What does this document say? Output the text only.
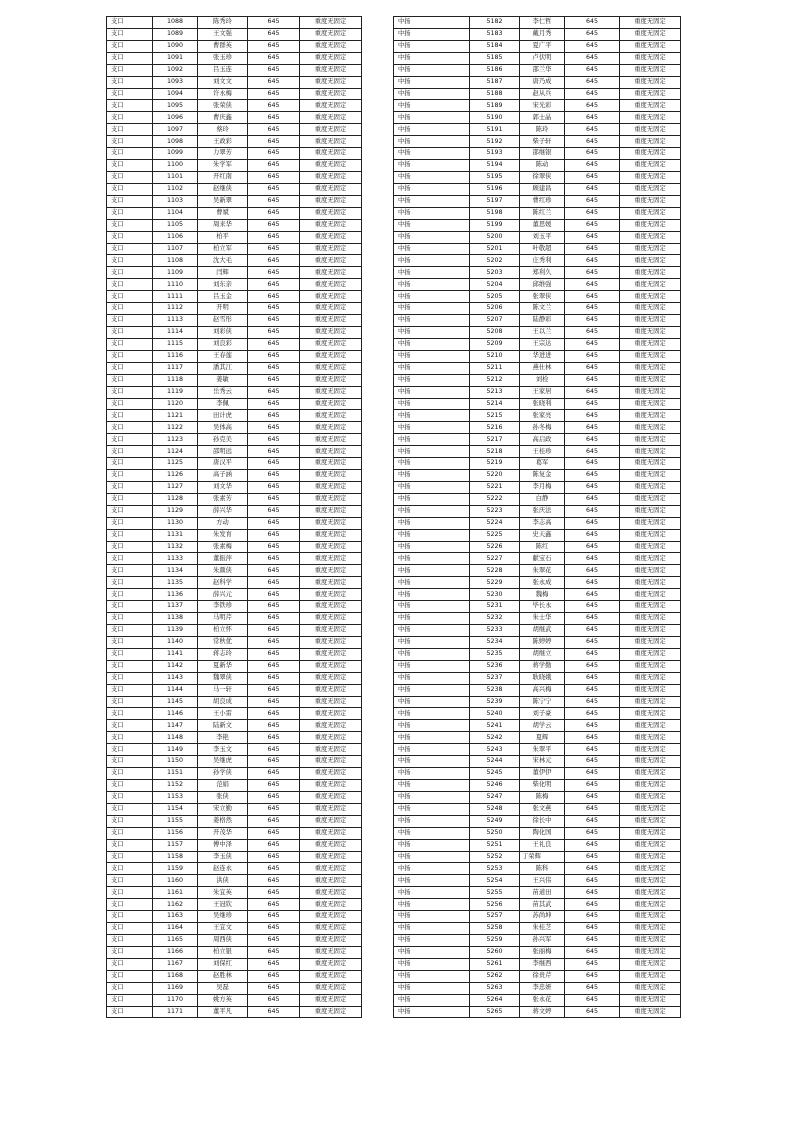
支口	1088	陈秀玲	645	重度无固定
支口	1089	王文强	645	重度无固定
支口	1090	曹群英	645	重度无固定
支口	1091	张玉珍	645	重度无固定
支口	1092	吕玉连	645	重度无固定
支口	1093	刘文文	645	重度无固定
支口	1094	许永梅	645	重度无固定
支口	1095	张荣侠	645	重度无固定
支口	1096	曹庆鑫	645	重度无固定
支口	1097	蔡玲	645	重度无固定
支口	1098	王政彩	645	重度无固定
支口	1099	力翠芳	645	重度无固定
支口	1100	朱学军	645	重度无固定
支口	1101	开红南	645	重度无固定
支口	1102	赵继侠	645	重度无固定
支口	1103	吴新翠	645	重度无固定
支口	1104	曹斌	645	重度无固定
支口	1105	周来华	645	重度无固定
支口	1106	柏平	645	重度无固定
支口	1107	柏立军	645	重度无固定
支口	1108	沈大毛	645	重度无固定
支口	1109	闫辉	645	重度无固定
支口	1110	刘东亲	645	重度无固定
支口	1111	吕玉金	645	重度无固定
支口	1112	开明	645	重度无固定
支口	1113	赵雪彤	645	重度无固定
支口	1114	刘彩侠	645	重度无固定
支口	1115	刘良彩	645	重度无固定
支口	1116	王春莲	645	重度无固定
支口	1117	潘其江	645	重度无固定
支口	1118	姜敏	645	重度无固定
支口	1119	岳秀云	645	重度无固定
支口	1120	李佩	645	重度无固定
支口	1121	田计虎	645	重度无固定
支口	1122	吴体高	645	重度无固定
支口	1123	孙克美	645	重度无固定
支口	1124	邵明远	645	重度无固定
支口	1125	唐汉平	645	重度无固定
支口	1126	高子涵	645	重度无固定
支口	1127	刘文华	645	重度无固定
支口	1128	张素芳	645	重度无固定
支口	1129	薛兴华	645	重度无固定
支口	1130	方动	645	重度无固定
支口	1131	朱发育	645	重度无固定
支口	1132	张素梅	645	重度无固定
支口	1133	董振萍	645	重度无固定
支口	1134	朱颜侠	645	重度无固定
支口	1135	赵科学	645	重度无固定
支口	1136	薛兴元	645	重度无固定
支口	1137	李铁珍	645	重度无固定
支口	1138	马明芹	645	重度无固定
支口	1139	柏立怀	645	重度无固定
支口	1140	常秋优	645	重度无固定
支口	1141	蒋志玲	645	重度无固定
支口	1142	夏新华	645	重度无固定
支口	1143	魏翠侠	645	重度无固定
支口	1144	马一轩	645	重度无固定
支口	1145	胡良成	645	重度无固定
支口	1146	王小雷	645	重度无固定
支口	1147	陆新文	645	重度无固定
支口	1148	李艳	645	重度无固定
支口	1149	李玉文	645	重度无固定
支口	1150	吴继虎	645	重度无固定
支口	1151	孙学侠	645	重度无固定
支口	1152	范娟	645	重度无固定
支口	1153	张侠	645	重度无固定
支口	1154	宋立勤	645	重度无固定
支口	1155	姜格然	645	重度无固定
支口	1156	开茂华	645	重度无固定
支口	1157	傅中泽	645	重度无固定
支口	1158	李玉侠	645	重度无固定
支口	1159	赵连永	645	重度无固定
支口	1160	洪侠	645	重度无固定
支口	1161	朱宜英	645	重度无固定
支口	1162	王冠钦	645	重度无固定
支口	1163	吴继珍	645	重度无固定
支口	1164	王宜文	645	重度无固定
支口	1165	周西侠	645	重度无固定
支口	1166	柏立银	645	重度无固定
支口	1167	刘保红	645	重度无固定
支口	1168	赵胜林	645	重度无固定
支口	1169	吴磊	645	重度无固定
支口	1170	姚方英	645	重度无固定
支口	1171	董平凡	645	重度无固定
中扬	5182	李仁哲	645	重度无固定
中扬	5183	戴月秀	645	重度无固定
中扬	5184	夏广平	645	重度无固定
中扬	5185	卢伏明	645	重度无固定
中扬	5186	邵兰华	645	重度无固定
中扬	5187	唐乃成	645	重度无固定
中扬	5188	赵从兵	645	重度无固定
中扬	5189	宋光彩	645	重度无固定
中扬	5190	郭士晶	645	重度无固定
中扬	5191	陈玲	645	重度无固定
中扬	5192	柴子轩	645	重度无固定
中扬	5193	邵继银	645	重度无固定
中扬	5194	陈动	645	重度无固定
中扬	5195	徐翠侠	645	重度无固定
中扬	5196	顾建昌	645	重度无固定
中扬	5197	曹红珍	645	重度无固定
中扬	5198	陈红兰	645	重度无固定
中扬	5199	董思媛	645	重度无固定
中扬	5200	刘玉平	645	重度无固定
中扬	5201	叶敬超	645	重度无固定
中扬	5202	庄秀利	645	重度无固定
中扬	5203	郑利久	645	重度无固定
中扬	5204	邱维强	645	重度无固定
中扬	5205	张翠侠	645	重度无固定
中扬	5206	陈文兰	645	重度无固定
中扬	5207	陆静彩	645	重度无固定
中扬	5208	王以兰	645	重度无固定
中扬	5209	王宗达	645	重度无固定
中扬	5210	华进进	645	重度无固定
中扬	5211	燕仕林	645	重度无固定
中扬	5212	刘栓	645	重度无固定
中扬	5213	王家居	645	重度无固定
中扬	5214	张晓利	645	重度无固定
中扬	5215	张家亮	645	重度无固定
中扬	5216	孙冬梅	645	重度无固定
中扬	5217	高启政	645	重度无固定
中扬	5218	王桂珍	645	重度无固定
中扬	5219	葛军	645	重度无固定
中扬	5220	陈复金	645	重度无固定
中扬	5221	李月梅	645	重度无固定
中扬	5222	白静	645	重度无固定
中扬	5223	张庆法	645	重度无固定
中扬	5224	李志高	645	重度无固定
中扬	5225	史天鑫	645	重度无固定
中扬	5226	陈红	645	重度无固定
中扬	5227	献宝石	645	重度无固定
中扬	5228	朱翠花	645	重度无固定
中扬	5229	张永成	645	重度无固定
中扬	5230	魏梅	645	重度无固定
中扬	5231	毕长永	645	重度无固定
中扬	5232	朱士华	645	重度无固定
中扬	5233	胡继武	645	重度无固定
中扬	5234	陈婷婷	645	重度无固定
中扬	5235	胡继立	645	重度无固定
中扬	5236	蒋学勤	645	重度无固定
中扬	5237	耿晓娥	645	重度无固定
中扬	5238	高兴梅	645	重度无固定
中扬	5239	陈宁宁	645	重度无固定
中扬	5240	刘子豪	645	重度无固定
中扬	5241	胡学云	645	重度无固定
中扬	5242	夏辉	645	重度无固定
中扬	5243	朱翠平	645	重度无固定
中扬	5244	宋林元	645	重度无固定
中扬	5245	董伊伊	645	重度无固定
中扬	5246	柴化明	645	重度无固定
中扬	5247	陈梅	645	重度无固定
中扬	5248	张文燕	645	重度无固定
中扬	5249	徐长中	645	重度无固定
中扬	5250	陶化国	645	重度无固定
中扬	5251	王礼良	645	重度无固定
中扬	5252	丁荣辉	645	重度无固定
中扬	5253	陈科	645	重度无固定
中扬	5254	王兴伟	645	重度无固定
中扬	5255	苗道田	645	重度无固定
中扬	5256	苗其武	645	重度无固定
中扬	5257	苏尚坤	645	重度无固定
中扬	5258	朱桂芝	645	重度无固定
中扬	5259	孙兴军	645	重度无固定
中扬	5260	张丽梅	645	重度无固定
中扬	5261	李继西	645	重度无固定
中扬	5262	徐贵芹	645	重度无固定
中扬	5263	李忠妍	645	重度无固定
中扬	5264	张永花	645	重度无固定
中扬	5265	蒋文婷	645	重度无固定
